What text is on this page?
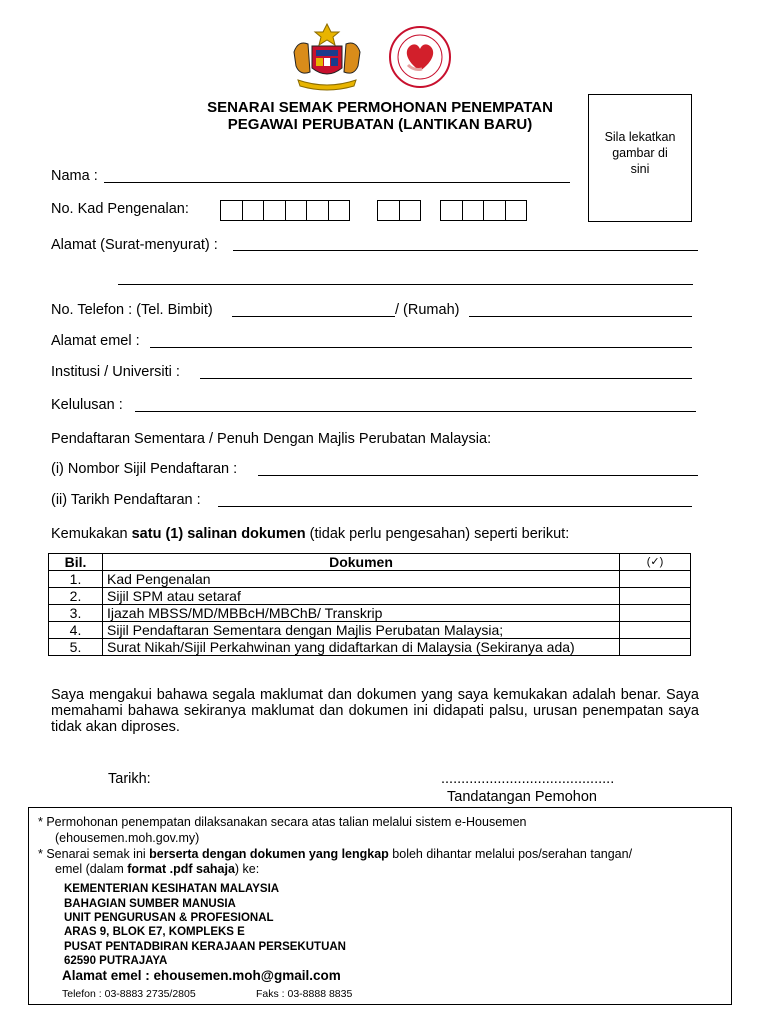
SENARAI SEMAK PERMOHONAN PENEMPATAN
PEGAWAI PERUBATAN (LANTIKAN BARU)
Sila lekatkan
gambar di
sini
Nama :
No. Kad Pengenalan:
Alamat (Surat-menyurat) :
No. Telefon : (Tel. Bimbit)	/ (Rumah)
Alamat emel :
Institusi / Universiti :
Kelulusan :
Pendaftaran Sementara / Penuh Dengan Majlis Perubatan Malaysia:
(i) Nombor Sijil Pendaftaran :
(ii) Tarikh Pendaftaran :
Kemukakan satu (1) salinan dokumen (tidak perlu pengesahan) seperti berikut:
Bil.	Dokumen	(✓)
1.	Kad Pengenalan	
2.	Sijil SPM atau setaraf	
3.	Ijazah MBSS/MD/MBBcH/MBChB/ Transkrip	
4.	Sijil Pendaftaran Sementara dengan Majlis Perubatan Malaysia;	
5.	Surat Nikah/Sijil Perkahwinan yang didaftarkan di Malaysia (Sekiranya ada)	
Saya mengakui bahawa segala maklumat dan dokumen yang saya kemukakan adalah benar. Saya memahami bahawa sekiranya maklumat dan dokumen ini didapati palsu, urusan penempatan saya tidak akan diproses.
Tarikh:	...........................................
Tandatangan Pemohon
* Permohonan penempatan dilaksanakan secara atas talian melalui sistem e-Housemen
(ehousemen.moh.gov.my)
* Senarai semak ini berserta dengan dokumen yang lengkap boleh dihantar melalui pos/serahan tangan/
emel (dalam format .pdf sahaja) ke:
KEMENTERIAN KESIHATAN MALAYSIA
BAHAGIAN SUMBER MANUSIA
UNIT PENGURUSAN & PROFESIONAL
ARAS 9, BLOK E7, KOMPLEKS E
PUSAT PENTADBIRAN KERAJAAN PERSEKUTUAN
62590 PUTRAJAYA
Alamat emel : ehousemen.moh@gmail.com
Telefon : 03-8883 2735/2805	Faks : 03-8888 8835
